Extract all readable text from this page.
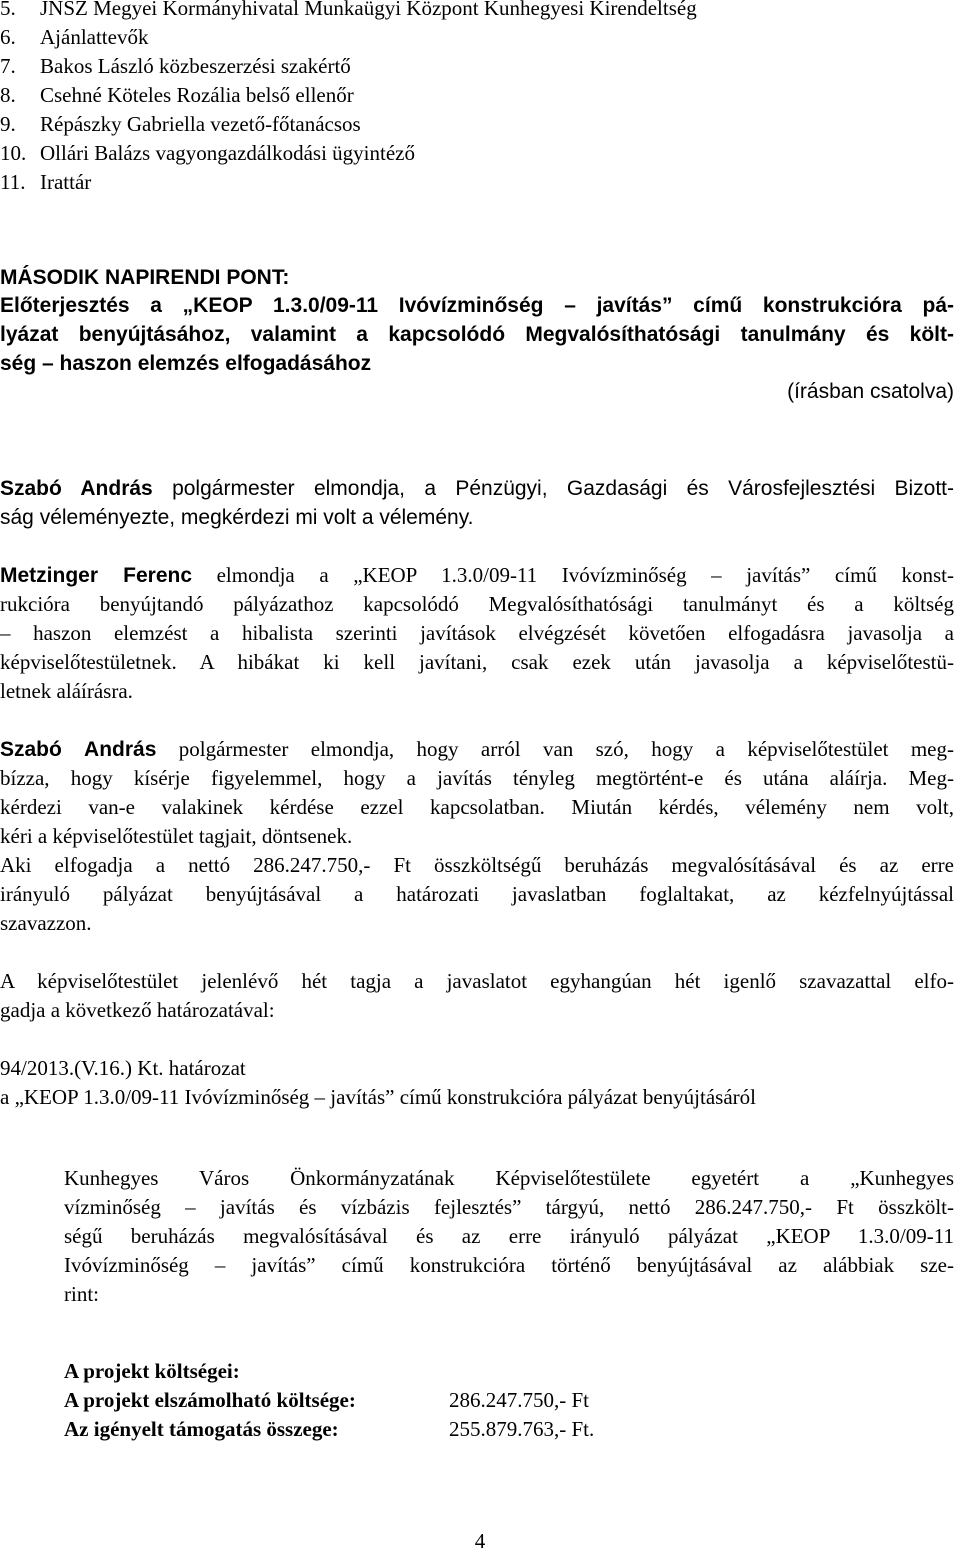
5. JNSZ Megyei Kormányhivatal Munkaügyi Központ Kunhegyesi Kirendeltség
6. Ajánlattevők
7. Bakos László közbeszerzési szakértő
8. Csehné Köteles Rozália belső ellenőr
9. Répászky Gabriella vezető-főtanácsos
10. Ollári Balázs vagyongazdálkodási ügyintéző
11. Irattár
MÁSODIK NAPIRENDI PONT:
Előterjesztés a „KEOP 1.3.0/09-11 Ivóvízminőség – javítás” című konstrukcióra pá-
lyázat benyújtásához, valamint a kapcsolódó Megvalósíthatósági tanulmány és költ-
ség – haszon elemzés elfogadásához
(írásban csatolva)
Szabó András polgármester elmondja, a Pénzügyi, Gazdasági és Városfejlesztési Bizott-
ság véleményezte, megkérdezi mi volt a vélemény.
Metzinger Ferenc elmondja a „KEOP 1.3.0/09-11 Ivóvízminőség – javítás” című konst-
rukcióra benyújtandó pályázathoz kapcsolódó Megvalósíthatósági tanulmányt és a költség
– haszon elemzést a hibalista szerinti javítások elvégzését követően elfogadásra javasolja a
képviselőtestületnek. A hibákat ki kell javítani, csak ezek után javasolja a képviselőtestü-
letnek aláírásra.
Szabó András polgármester elmondja, hogy arról van szó, hogy a képviselőtestület meg-
bízza, hogy kísérje figyelemmel, hogy a javítás tényleg megtörtént-e és utána aláírja. Meg-
kérdezi van-e valakinek kérdése ezzel kapcsolatban. Miután kérdés, vélemény nem volt,
kéri a képviselőtestület tagjait, döntsenek.
Aki elfogadja a nettó 286.247.750,- Ft összköltségű beruházás megvalósításával és az erre
irányuló pályázat benyújtásával a határozati javaslatban foglaltakat, az kézfelnyújtással
szavazzon.
A képviselőtestület jelenlévő hét tagja a javaslatot egyhangúan hét igenlő szavazattal elfo-
gadja a következő határozatával:
94/2013.(V.16.) Kt. határozat
a „KEOP 1.3.0/09-11 Ivóvízminőség – javítás” című konstrukcióra pályázat benyújtásáról
Kunhegyes Város Önkormányzatának Képviselőtestülete egyetért a „Kunhegyes
vízminőség – javítás és vízbázis fejlesztés” tárgyú, nettó 286.247.750,- Ft összkölt-
ségű beruházás megvalósításával és az erre irányuló pályázat „KEOP 1.3.0/09-11
Ivóvízminőség – javítás” című konstrukcióra történő benyújtásával az alábbiak sze-
rint:
A projekt költségei:
A projekt elszámolható költsége:	286.247.750,- Ft
Az igényelt támogatás összege:	255.879.763,- Ft.
4
